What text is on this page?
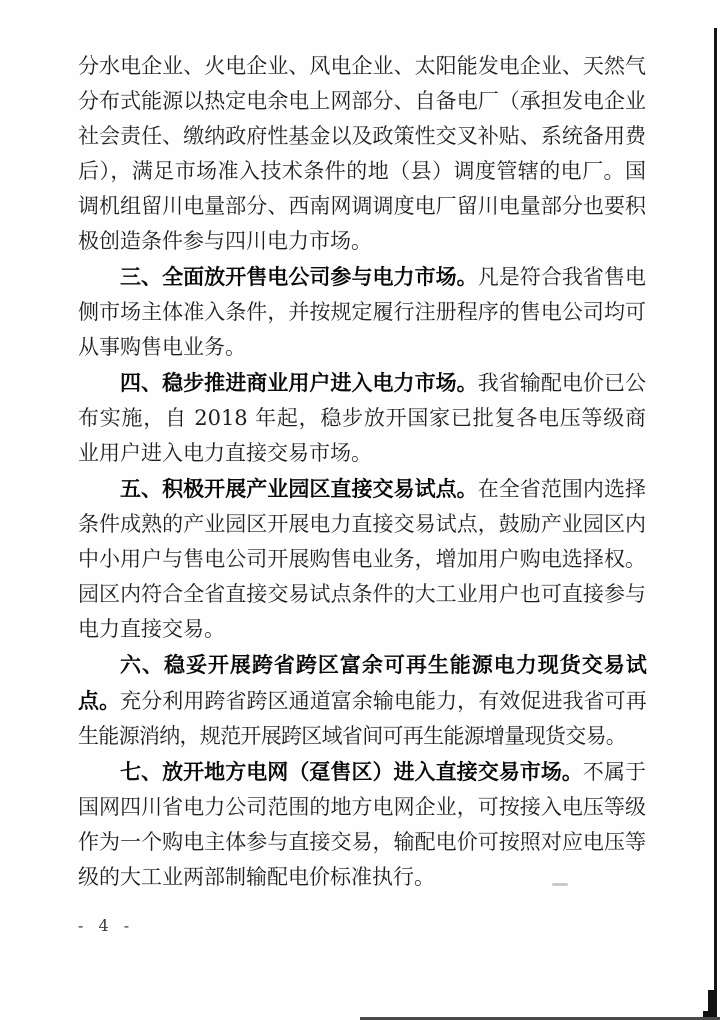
分水电企业、火电企业、风电企业、太阳能发电企业、天然气分布式能源以热定电余电上网部分、自备电厂（承担发电企业社会责任、缴纳政府性基金以及政策性交叉补贴、系统备用费后），满足市场准入技术条件的地（县）调度管辖的电厂。国调机组留川电量部分、西南网调调度电厂留川电量部分也要积极创造条件参与四川电力市场。

三、全面放开售电公司参与电力市场。凡是符合我省售电侧市场主体准入条件，并按规定履行注册程序的售电公司均可从事购售电业务。

四、稳步推进商业用户进入电力市场。我省输配电价已公布实施，自 2018 年起，稳步放开国家已批复各电压等级商业用户进入电力直接交易市场。

五、积极开展产业园区直接交易试点。在全省范围内选择条件成熟的产业园区开展电力直接交易试点，鼓励产业园区内中小用户与售电公司开展购售电业务，增加用户购电选择权。园区内符合全省直接交易试点条件的大工业用户也可直接参与电力直接交易。

六、稳妥开展跨省跨区富余可再生能源电力现货交易试点。充分利用跨省跨区通道富余输电能力，有效促进我省可再生能源消纳，规范开展跨区域省间可再生能源增量现货交易。

七、放开地方电网（趸售区）进入直接交易市场。不属于国网四川省电力公司范围的地方电网企业，可按接入电压等级作为一个购电主体参与直接交易，输配电价可按照对应电压等级的大工业两部制输配电价标准执行。

- 4 -
